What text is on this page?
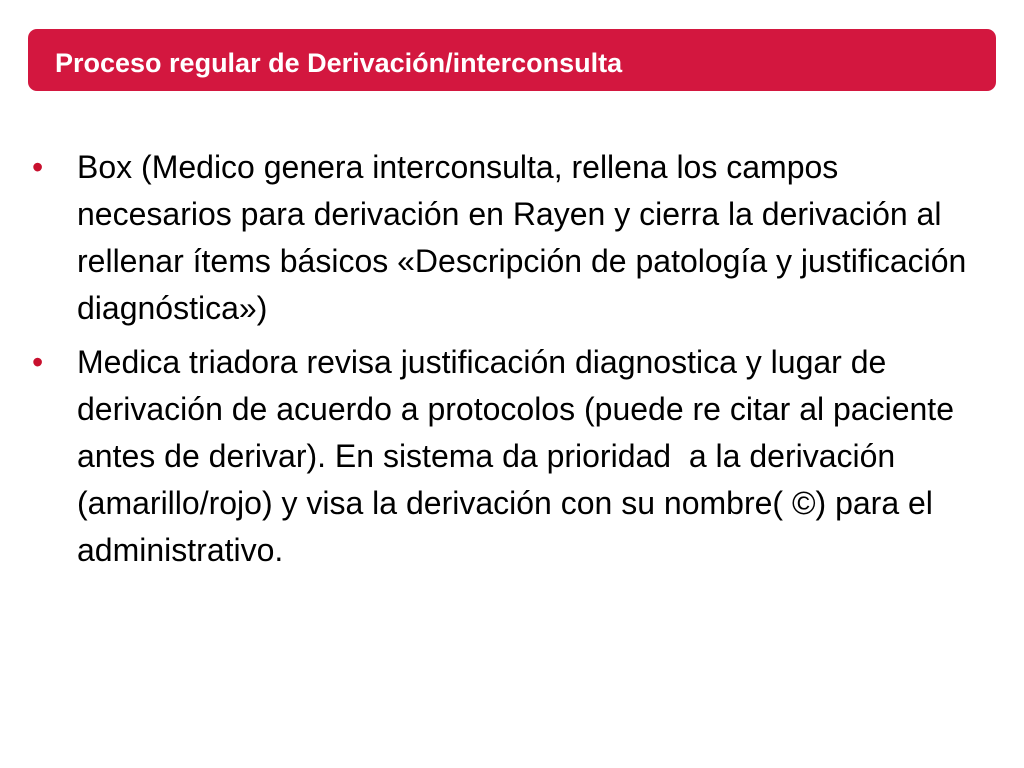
Proceso regular de Derivación/interconsulta
• Box (Medico genera interconsulta, rellena los campos necesarios para derivación en Rayen y cierra la derivación al rellenar ítems básicos «Descripción de patología y justificación diagnóstica»)
• Medica triadora revisa justificación diagnostica y lugar de derivación de acuerdo a protocolos (puede re citar al paciente antes de derivar). En sistema da prioridad  a la derivación (amarillo/rojo) y visa la derivación con su nombre( ©) para el administrativo.
